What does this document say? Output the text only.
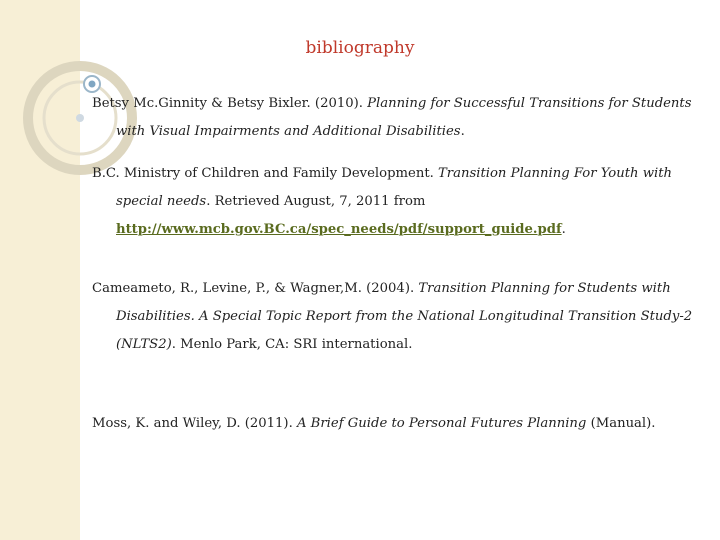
bibliography
Betsy Mc.Ginnity & Betsy Bixler. (2010). Planning for Successful Transitions for Students
with Visual Impairments and Additional Disabilities.
B.C. Ministry of Children and Family Development. Transition Planning For Youth with
special needs. Retrieved August, 7, 2011 from
http://www.mcb.gov.BC.ca/spec_needs/pdf/support_guide.pdf.
Cameameto, R., Levine, P., & Wagner,M. (2004). Transition Planning for Students with
Disabilities. A Special Topic Report from the National Longitudinal Transition Study-2
(NLTS2). Menlo Park, CA: SRI international.
Moss, K. and Wiley, D. (2011). A Brief Guide to Personal Futures Planning (Manual).
